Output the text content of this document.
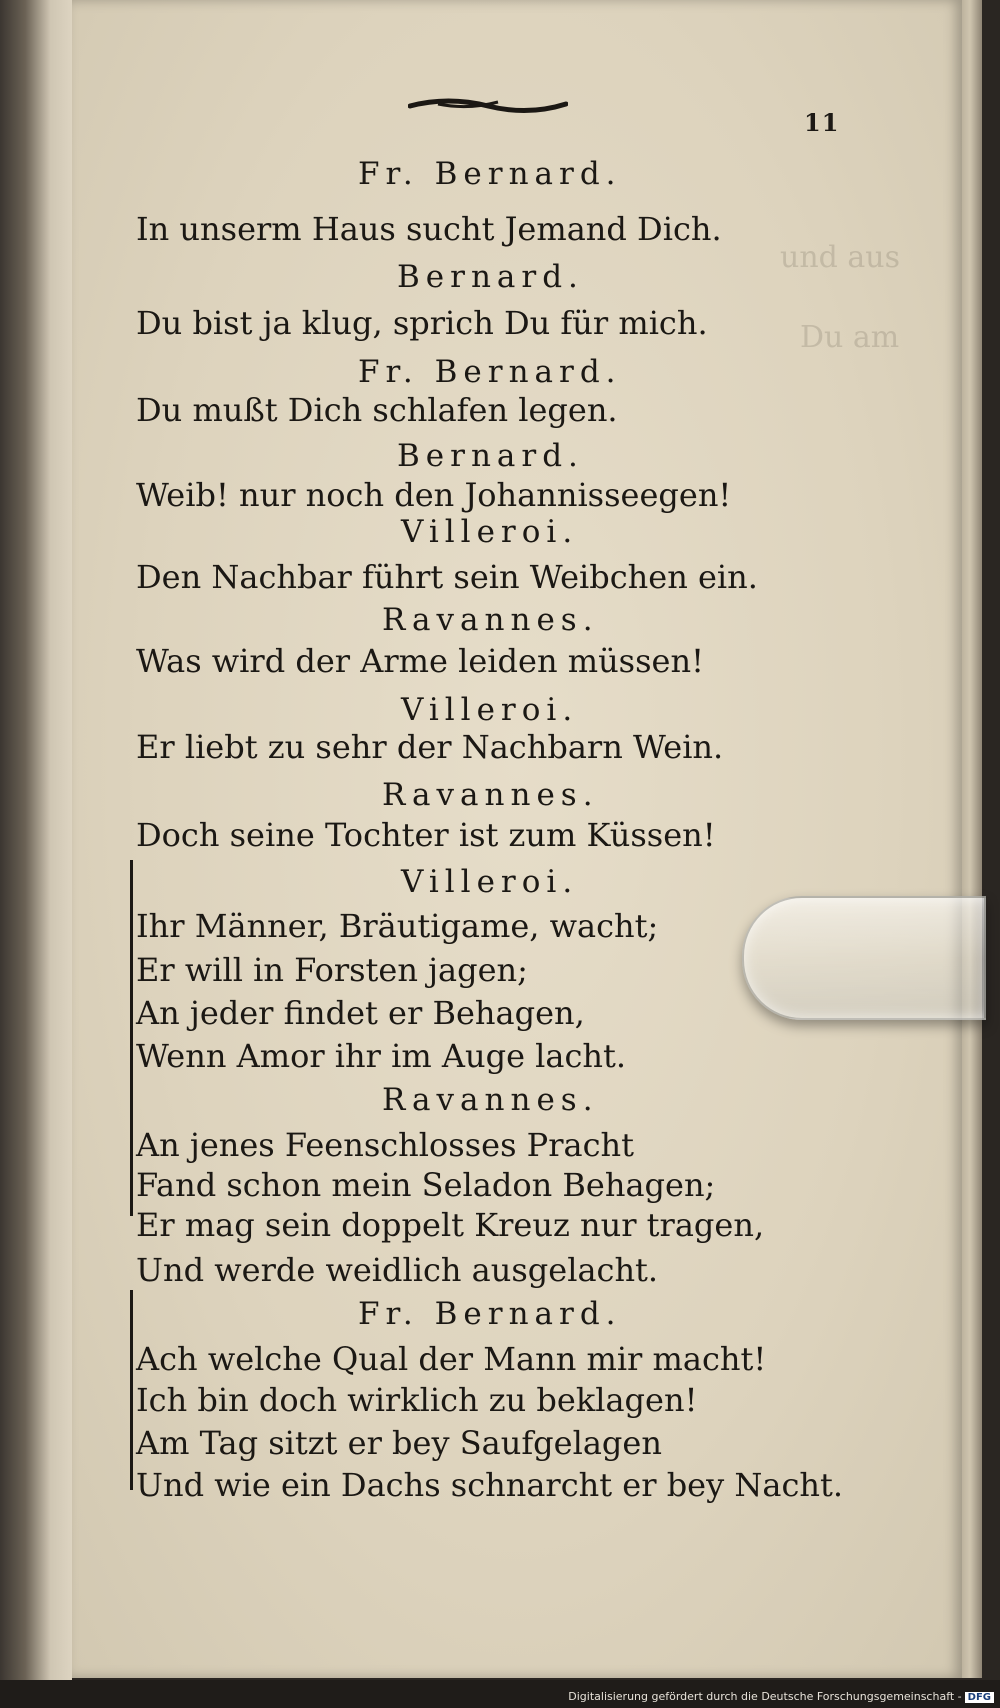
und aus
Du am
11
Fr. Bernard.
In unserm Haus sucht Jemand Dich.
Bernard.
Du bist ja klug, sprich Du für mich.
Fr. Bernard.
Du mußt Dich schlafen legen.
Bernard.
Weib! nur noch den Johannisseegen!
Villeroi.
Den Nachbar führt sein Weibchen ein.
Ravannes.
Was wird der Arme leiden müssen!
Villeroi.
Er liebt zu sehr der Nachbarn Wein.
Ravannes.
Doch seine Tochter ist zum Küssen!
Villeroi.
Ihr Männer, Bräutigame, wacht;
Er will in Forsten jagen;
An jeder findet er Behagen,
Wenn Amor ihr im Auge lacht.
Ravannes.
An jenes Feenschlosses Pracht
Fand schon mein Seladon Behagen;
Er mag sein doppelt Kreuz nur tragen,
Und werde weidlich ausgelacht.
Fr. Bernard.
Ach welche Qual der Mann mir macht!
Ich bin doch wirklich zu beklagen!
Am Tag sitzt er bey Saufgelagen
Und wie ein Dachs schnarcht er bey Nacht.
Digitalisierung gefördert durch die Deutsche Forschungsgemeinschaft - DFG
